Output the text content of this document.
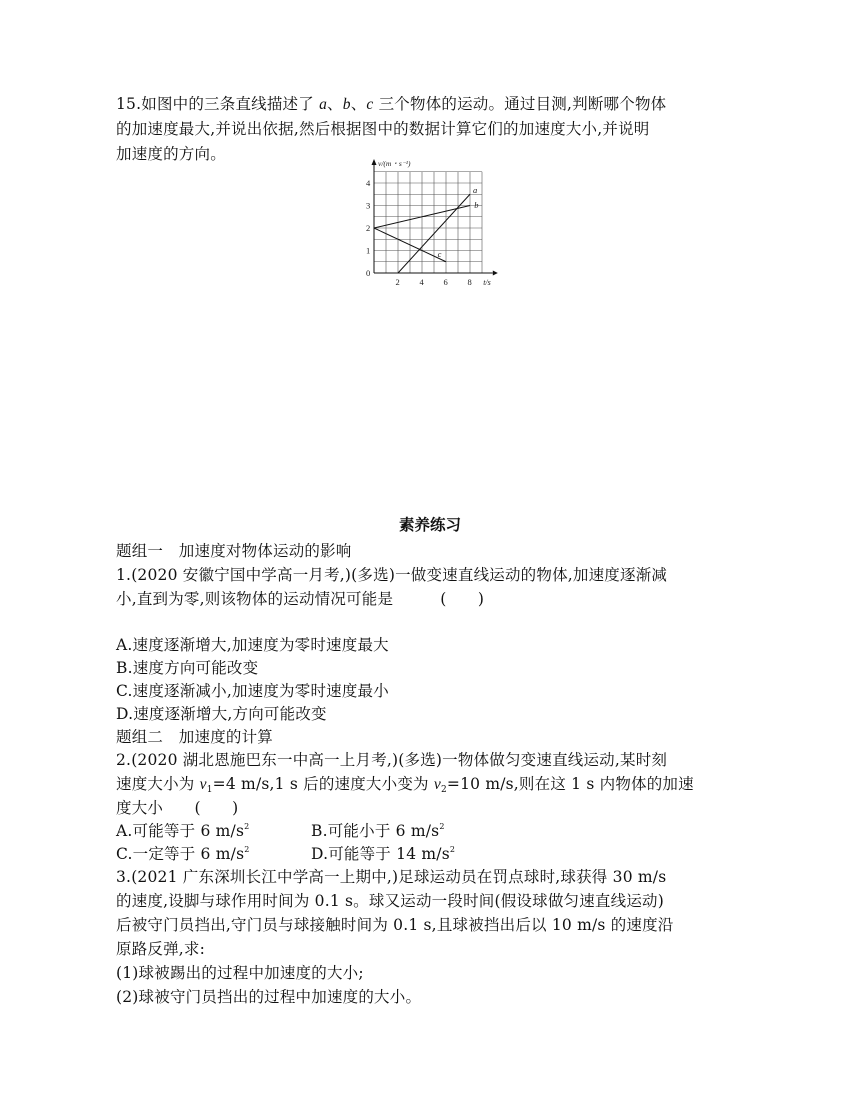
15.如图中的三条直线描述了 a、b、c 三个物体的运动。通过目测,判断哪个物体
的加速度最大,并说出依据,然后根据图中的数据计算它们的加速度大小,并说明
加速度的方向。
v/(m・s⁻¹)
t/s
0
1
2
3
4
2 4 6 8
a
b
c
素养练习
题组一　加速度对物体运动的影响
1.(2020 安徽宁国中学高一月考,)(多选)一做变速直线运动的物体,加速度逐渐减
小,直到为零,则该物体的运动情况可能是　　　(　　)
A.速度逐渐增大,加速度为零时速度最大
B.速度方向可能改变
C.速度逐渐减小,加速度为零时速度最小
D.速度逐渐增大,方向可能改变
题组二　加速度的计算
2.(2020 湖北恩施巴东一中高一上月考,)(多选)一物体做匀变速直线运动,某时刻
速度大小为 $v_1=4$ m/s,1 s 后的速度大小变为 $v_2=10$ m/s,则在这 1 s 内物体的加速
度大小　　(　　)
A.可能等于 6 $m/s^2$	B.可能小于 6 $m/s^2$
C.一定等于 6 $m/s^2$	D.可能等于 14 $m/s^2$
3.(2021 广东深圳长江中学高一上期中,)足球运动员在罚点球时,球获得 30 m/s
的速度,设脚与球作用时间为 0.1 s。球又运动一段时间(假设球做匀速直线运动)
后被守门员挡出,守门员与球接触时间为 0.1 s,且球被挡出后以 10 m/s 的速度沿
原路反弹,求:
(1)球被踢出的过程中加速度的大小;
(2)球被守门员挡出的过程中加速度的大小。
